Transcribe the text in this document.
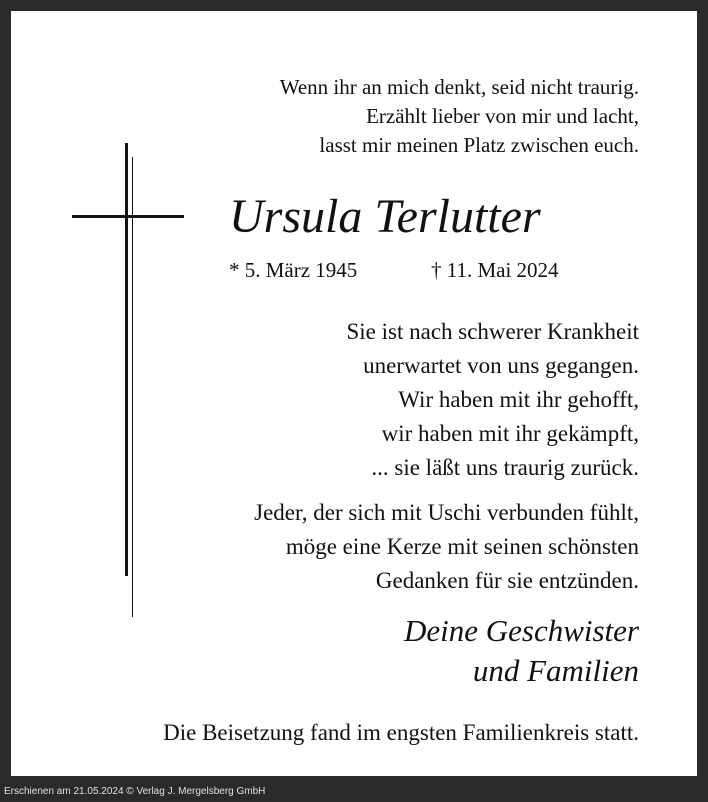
Wenn ihr an mich denkt, seid nicht traurig.
Erzählt lieber von mir und lacht,
lasst mir meinen Platz zwischen euch.
Ursula Terlutter
* 5. März 1945	† 11. Mai 2024
Sie ist nach schwerer Krankheit
unerwartet von uns gegangen.
Wir haben mit ihr gehofft,
wir haben mit ihr gekämpft,
... sie läßt uns traurig zurück.
Jeder, der sich mit Uschi verbunden fühlt,
möge eine Kerze mit seinen schönsten
Gedanken für sie entzünden.
Deine Geschwister
und Familien
Die Beisetzung fand im engsten Familienkreis statt.
Erschienen am 21.05.2024 © Verlag J. Mergelsberg GmbH
